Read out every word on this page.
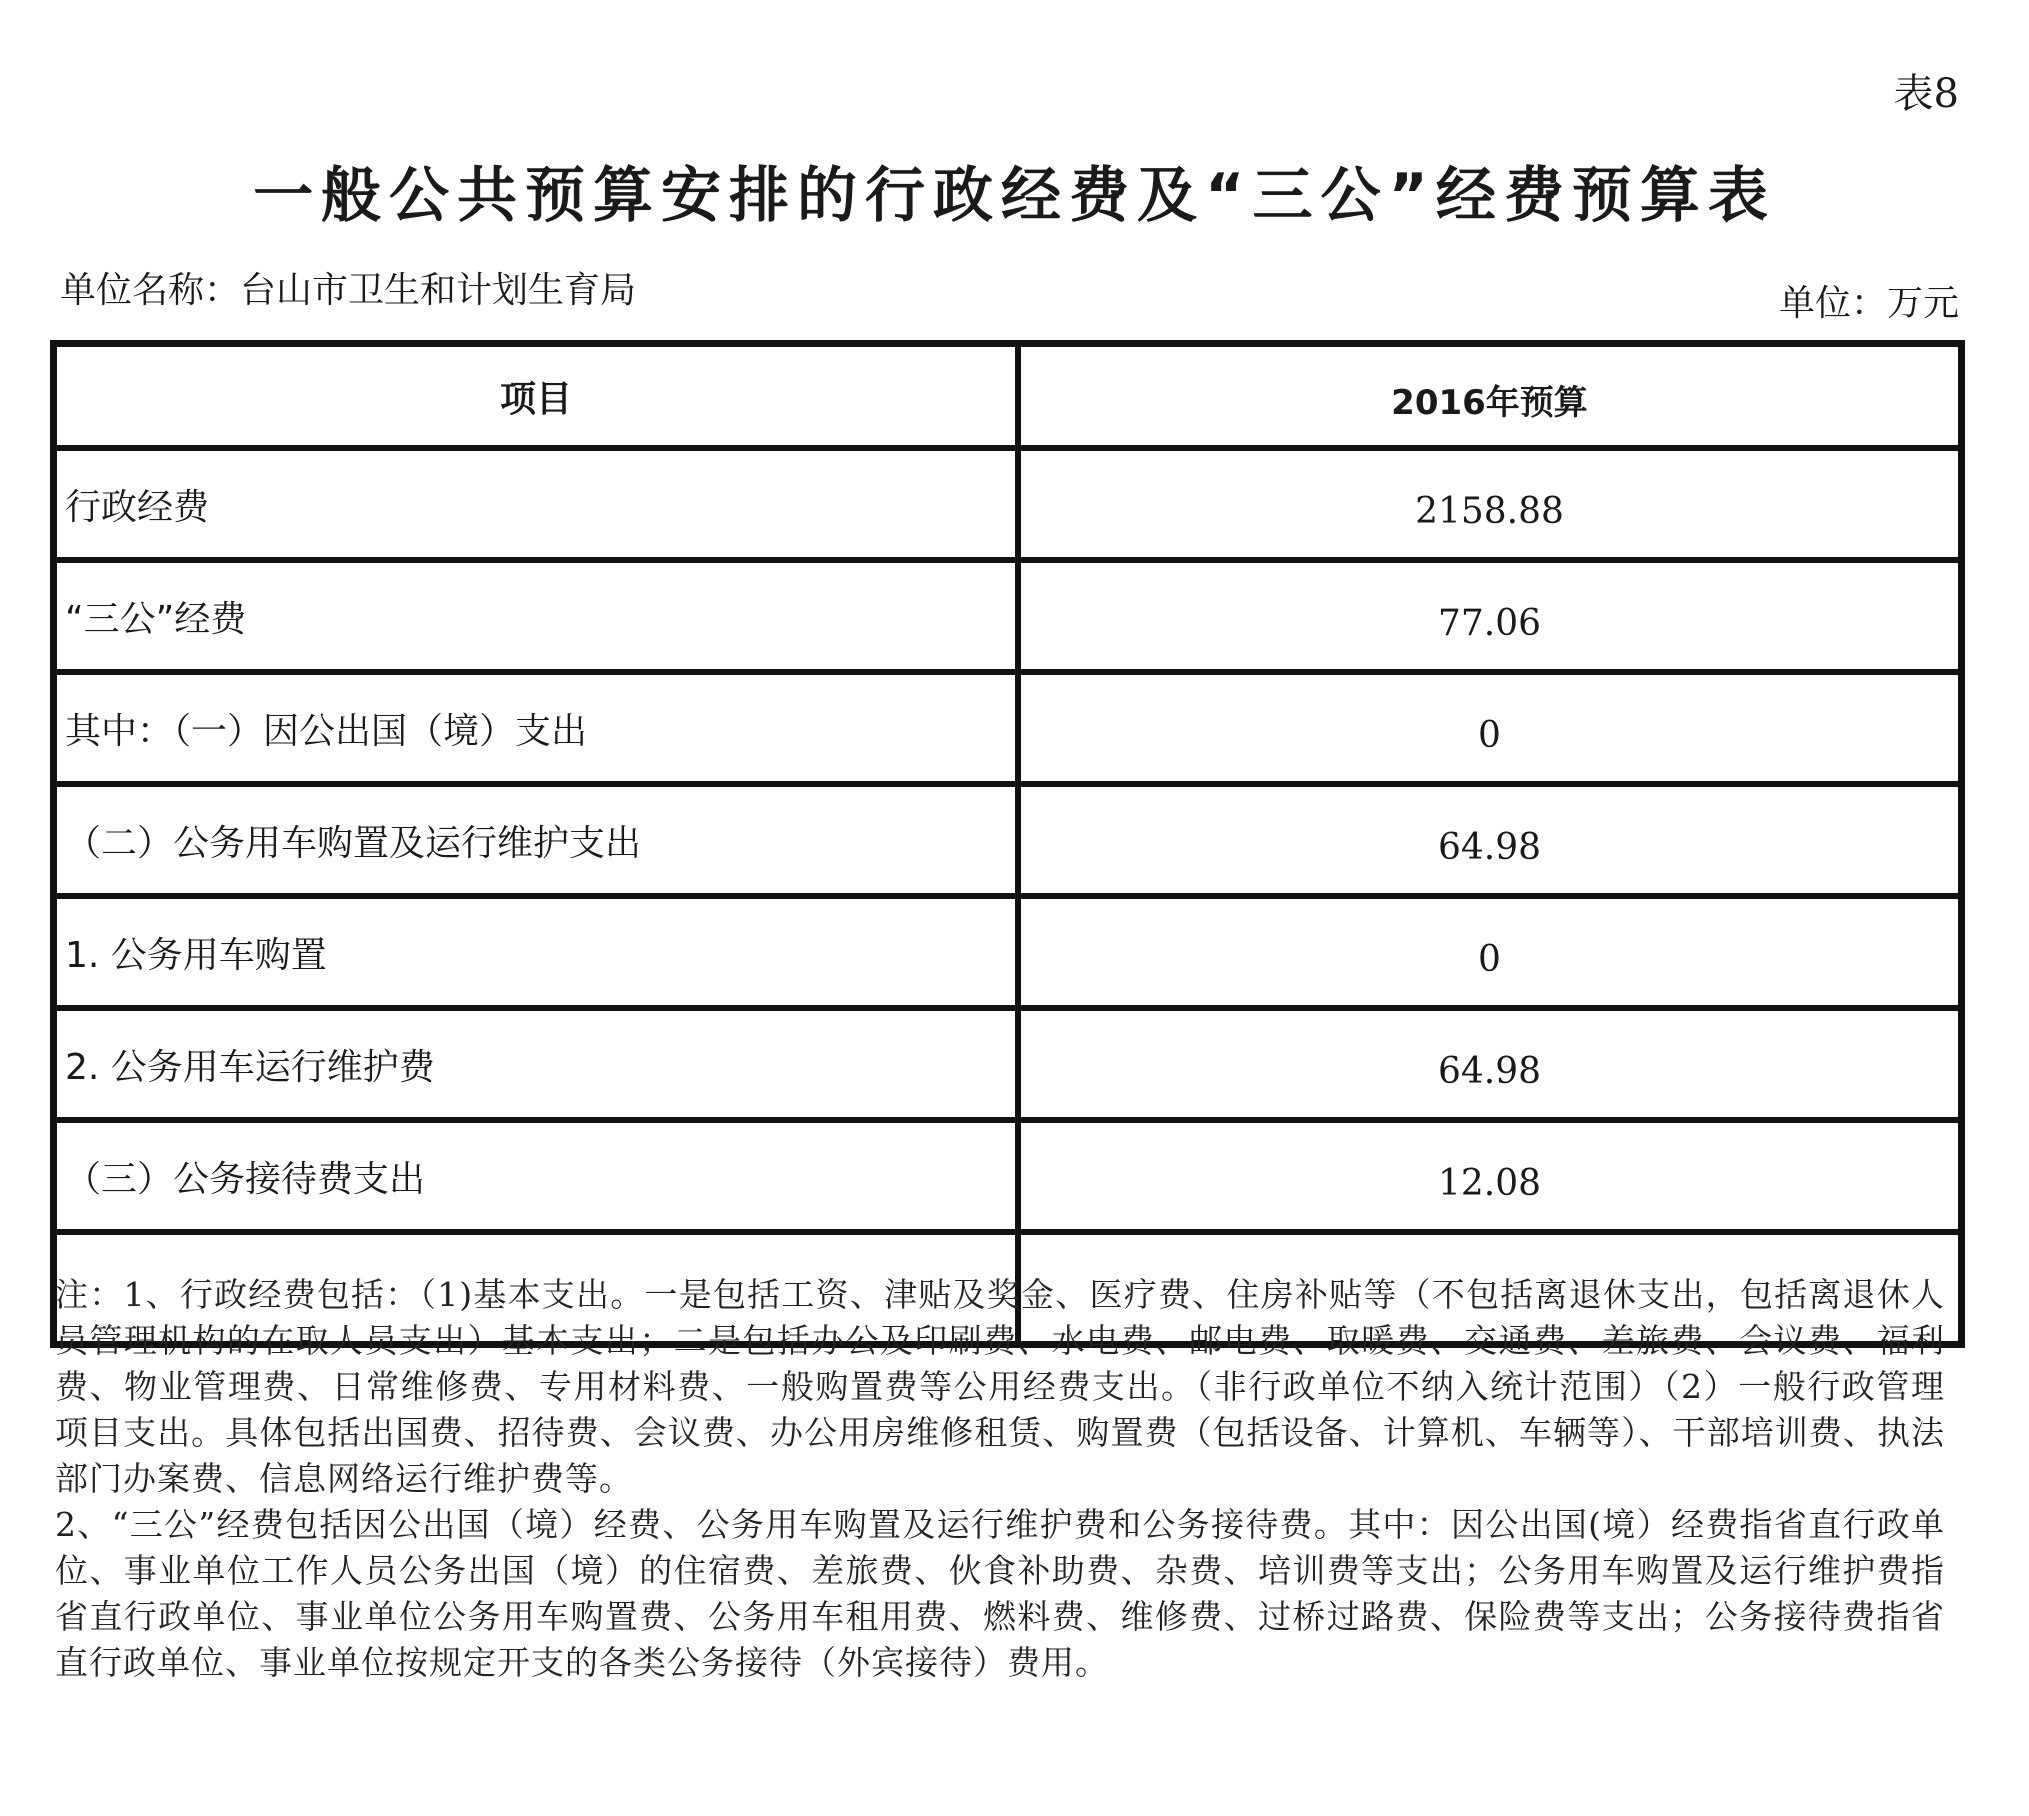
表8
一般公共预算安排的行政经费及“三公”经费预算表
单位名称：台山市卫生和计划生育局	单位：万元
项目	2016年预算
行政经费	2158.88
“三公”经费	77.06
其中：（一）因公出国（境）支出	0
（二）公务用车购置及运行维护支出	64.98
1. 公务用车购置	0
2. 公务用车运行维护费	64.98
（三）公务接待费支出	12.08

注：1、行政经费包括：（1)基本支出。一是包括工资、津贴及奖金、医疗费、住房补贴等（不包括离退休支出，包括离退休人员管理机构的在取人员支出）基本支出；二是包括办公及印刷费、水电费、邮电费、取暖费、交通费、差旅费、会议费、福利费、物业管理费、日常维修费、专用材料费、一般购置费等公用经费支出。（非行政单位不纳入统计范围）（2）一般行政管理项目支出。具体包括出国费、招待费、会议费、办公用房维修租赁、购置费（包括设备、计算机、车辆等）、干部培训费、执法部门办案费、信息网络运行维护费等。

2、“三公”经费包括因公出国（境）经费、公务用车购置及运行维护费和公务接待费。其中：因公出国(境）经费指省直行政单位、事业单位工作人员公务出国（境）的住宿费、差旅费、伙食补助费、杂费、培训费等支出；公务用车购置及运行维护费指省直行政单位、事业单位公务用车购置费、公务用车租用费、燃料费、维修费、过桥过路费、保险费等支出；公务接待费指省直行政单位、事业单位按规定开支的各类公务接待（外宾接待）费用。
